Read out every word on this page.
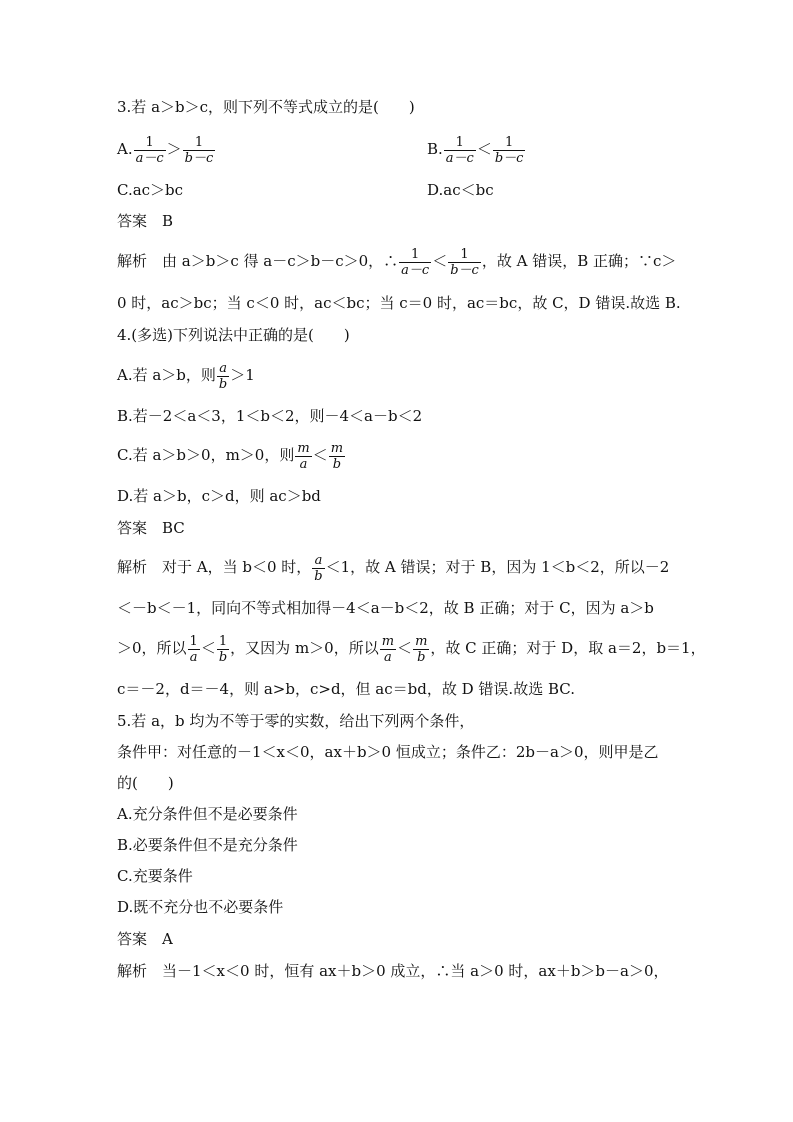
3.若 a＞b＞c，则下列不等式成立的是(　　)
A. $\frac{1}{a-c} > \frac{1}{b-c}$	B. $\frac{1}{a-c} < \frac{1}{b-c}$
C.ac＞bc	D.ac＜bc
答案　B
解析　由 a＞b＞c 得 a－c＞b－c＞0，∴ $\frac{1}{a-c} < \frac{1}{b-c}$ ，故 A 错误，B 正确；∵c＞
0 时，ac＞bc；当 c＜0 时，ac＜bc；当 c＝0 时，ac＝bc，故 C，D 错误.故选 B.
4.(多选)下列说法中正确的是(　　)
A.若 a＞b，则 $\frac{a}{b} >1$
B.若－2＜a＜3，1＜b＜2，则－4＜a－b＜2
C.若 a＞b＞0，m＞0，则 $\frac{m}{a} < \frac{m}{b}$
D.若 a＞b，c＞d，则 ac＞bd
答案　BC
解析　对于 A，当 b＜0 时， $\frac{a}{b} <1$，故 A 错误；对于 B，因为 1＜b＜2，所以－2
＜－b＜－1，同向不等式相加得－4＜a－b＜2，故 B 正确；对于 C，因为 a＞b
＞0，所以 $\frac{1}{a} < \frac{1}{b}$ ，又因为 m＞0，所以 $\frac{m}{a} < \frac{m}{b}$ ，故 C 正确；对于 D，取 a＝2，b＝1，
c＝－2，d＝－4，则 a>b，c>d，但 ac＝bd，故 D 错误.故选 BC.
5.若 a，b 均为不等于零的实数，给出下列两个条件，
条件甲：对任意的－1＜x＜0，ax＋b＞0 恒成立；条件乙：2b－a＞0，则甲是乙
的(　　)
A.充分条件但不是必要条件
B.必要条件但不是充分条件
C.充要条件
D.既不充分也不必要条件
答案　A
解析　当－1＜x＜0 时，恒有 ax＋b＞0 成立，∴当 a＞0 时，ax＋b＞b－a＞0，
